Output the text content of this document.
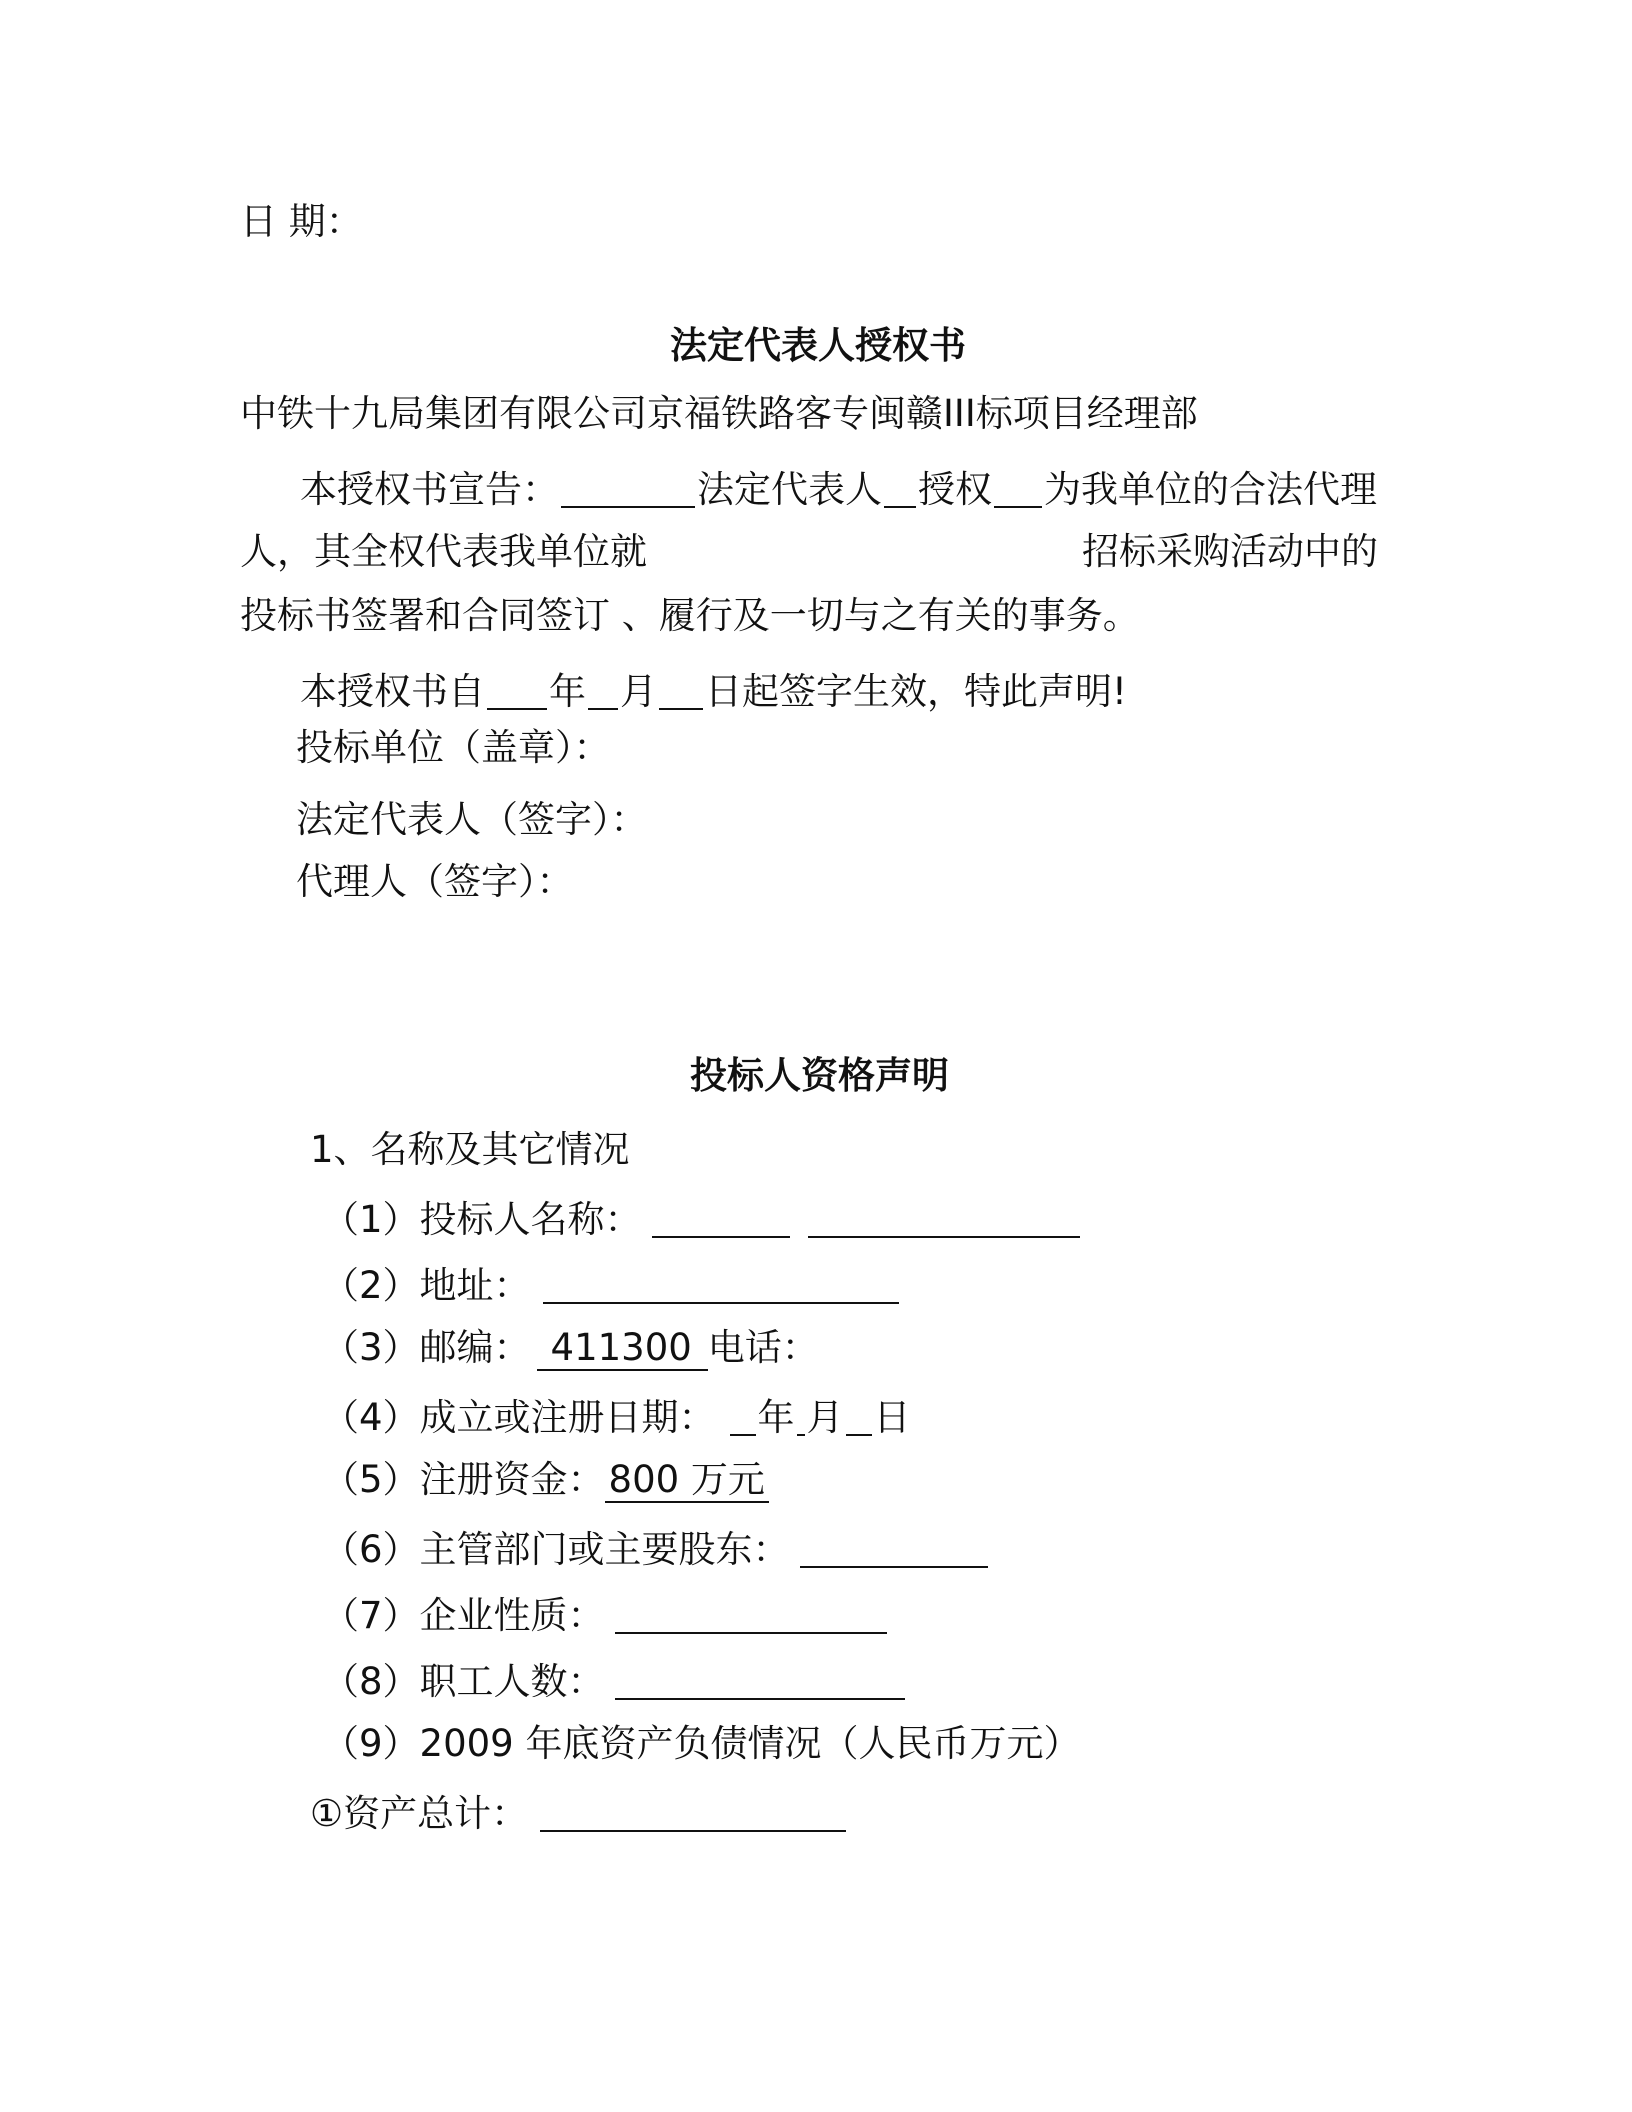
日 期：
法定代表人授权书
中铁十九局集团有限公司京福铁路客专闽赣III标项目经理部
本授权书宣告：	法定代表人 授权 为我单位的合法代理
人，其全权代表我单位就	招标采购活动中的
投标书签署和合同签订 、履行及一切与之有关的事务。
本授权书自 年 月 日起签字生效，特此声明!
投标单位（盖章）：
法定代表人（签字）：
代理人（签字）：
投标人资格声明
1、名称及其它情况
（1）投标人名称：
（2）地址：
（3）邮编： 411300 电话：
（4）成立或注册日期： 年 月 日
（5）注册资金： 800 万元
（6）主管部门或主要股东：
（7）企业性质：
（8）职工人数：
（9）2009 年底资产负债情况（人民币万元）
①资产总计：
